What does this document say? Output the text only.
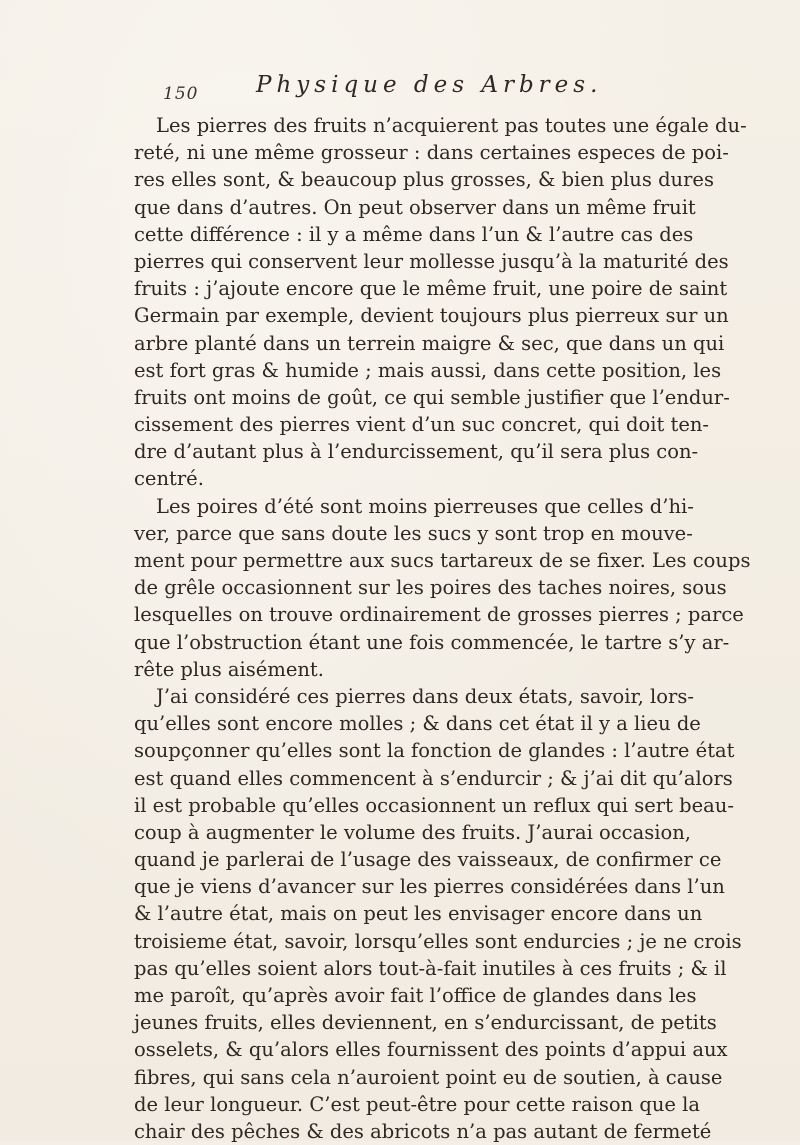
150	Physique des Arbres.
Les pierres des fruits n’acquierent pas toutes une égale du-
reté, ni une même grosseur : dans certaines especes de poi-
res elles sont, & beaucoup plus grosses, & bien plus dures
que dans d’autres. On peut observer dans un même fruit
cette différence : il y a même dans l’un & l’autre cas des
pierres qui conservent leur mollesse jusqu’à la maturité des
fruits : j’ajoute encore que le même fruit, une poire de saint
Germain par exemple, devient toujours plus pierreux sur un
arbre planté dans un terrein maigre & sec, que dans un qui
est fort gras & humide ; mais aussi, dans cette position, les
fruits ont moins de goût, ce qui semble justifier que l’endur-
cissement des pierres vient d’un suc concret, qui doit ten-
dre d’autant plus à l’endurcissement, qu’il sera plus con-
centré.
Les poires d’été sont moins pierreuses que celles d’hi-
ver, parce que sans doute les sucs y sont trop en mouve-
ment pour permettre aux sucs tartareux de se fixer. Les coups
de grêle occasionnent sur les poires des taches noires, sous
lesquelles on trouve ordinairement de grosses pierres ; parce
que l’obstruction étant une fois commencée, le tartre s’y ar-
rête plus aisément.
J’ai considéré ces pierres dans deux états, savoir, lors-
qu’elles sont encore molles ; & dans cet état il y a lieu de
soupçonner qu’elles sont la fonction de glandes : l’autre état
est quand elles commencent à s’endurcir ; & j’ai dit qu’alors
il est probable qu’elles occasionnent un reflux qui sert beau-
coup à augmenter le volume des fruits. J’aurai occasion,
quand je parlerai de l’usage des vaisseaux, de confirmer ce
que je viens d’avancer sur les pierres considérées dans l’un
& l’autre état, mais on peut les envisager encore dans un
troisieme état, savoir, lorsqu’elles sont endurcies ; je ne crois
pas qu’elles soient alors tout-à-fait inutiles à ces fruits ; & il
me paroît, qu’après avoir fait l’office de glandes dans les
jeunes fruits, elles deviennent, en s’endurcissant, de petits
osselets, & qu’alors elles fournissent des points d’appui aux
fibres, qui sans cela n’auroient point eu de soutien, à cause
de leur longueur. C’est peut-être pour cette raison que la
chair des pêches & des abricots n’a pas autant de fermeté
